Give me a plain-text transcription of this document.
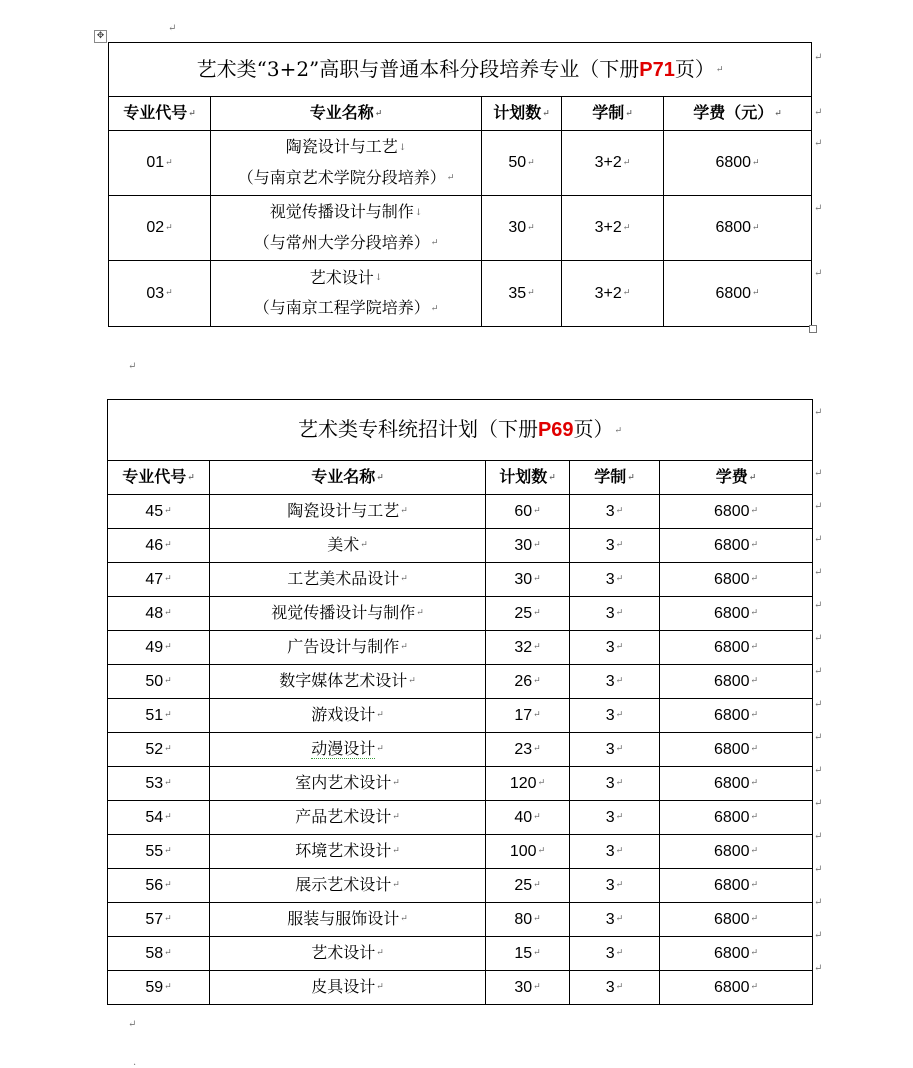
↵
✥
艺术类“3+2”高职与普通本科分段培养专业（下册P71页）↵				
专业代号↵	专业名称↵	计划数↵	学制↵	学费（元）↵
01↵	陶瓷设计与工艺↓
（与南京艺术学院分段培养）↵	50↵	3+2↵	6800↵
02↵	视觉传播设计与制作↓
（与常州大学分段培养）↵	30↵	3+2↵	6800↵
03↵	艺术设计↓
（与南京工程学院培养）↵	35↵	3+2↵	6800↵
↵
↵
↵
↵
↵
↵
艺术类专科统招计划（下册P69页）↵				
专业代号↵	专业名称↵	计划数↵	学制↵	学费↵
45↵	陶瓷设计与工艺↵	60↵	3↵	6800↵
46↵	美术↵	30↵	3↵	6800↵
47↵	工艺美术品设计↵	30↵	3↵	6800↵
48↵	视觉传播设计与制作↵	25↵	3↵	6800↵
49↵	广告设计与制作↵	32↵	3↵	6800↵
50↵	数字媒体艺术设计↵	26↵	3↵	6800↵
51↵	游戏设计↵	17↵	3↵	6800↵
52↵	动漫设计↵	23↵	3↵	6800↵
53↵	室内艺术设计↵	120↵	3↵	6800↵
54↵	产品艺术设计↵	40↵	3↵	6800↵
55↵	环境艺术设计↵	100↵	3↵	6800↵
56↵	展示艺术设计↵	25↵	3↵	6800↵
57↵	服装与服饰设计↵	80↵	3↵	6800↵
58↵	艺术设计↵	15↵	3↵	6800↵
59↵	皮具设计↵	30↵	3↵	6800↵
↵
.
↵
↵
↵
↵
↵
↵
↵
↵
↵
↵
↵
↵
↵
↵
↵
↵
↵
